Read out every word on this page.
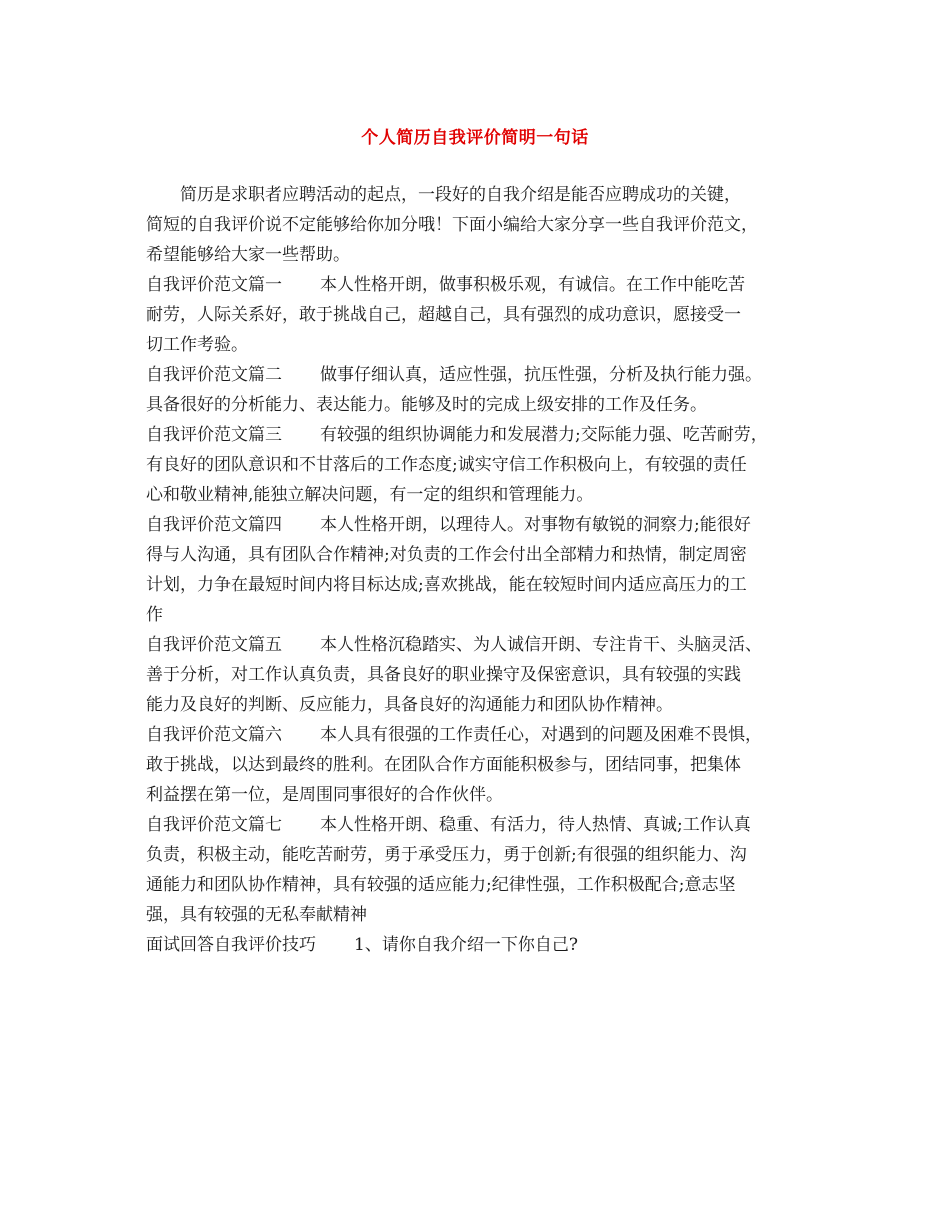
个人简历自我评价简明一句话
简历是求职者应聘活动的起点，一段好的自我介绍是能否应聘成功的关键，
简短的自我评价说不定能够给你加分哦！下面小编给大家分享一些自我评价范文，
希望能够给大家一些帮助。
自我评价范文篇一 本人性格开朗，做事积极乐观，有诚信。在工作中能吃苦
耐劳，人际关系好，敢于挑战自己，超越自己，具有强烈的成功意识，愿接受一
切工作考验。
自我评价范文篇二 做事仔细认真，适应性强，抗压性强，分析及执行能力强。
具备很好的分析能力、表达能力。能够及时的完成上级安排的工作及任务。
自我评价范文篇三 有较强的组织协调能力和发展潜力;交际能力强、吃苦耐劳，
有良好的团队意识和不甘落后的工作态度;诚实守信工作积极向上，有较强的责任
心和敬业精神,能独立解决问题，有一定的组织和管理能力。
自我评价范文篇四 本人性格开朗，以理待人。对事物有敏锐的洞察力;能很好
得与人沟通，具有团队合作精神;对负责的工作会付出全部精力和热情，制定周密
计划，力争在最短时间内将目标达成;喜欢挑战，能在较短时间内适应高压力的工
作
自我评价范文篇五 本人性格沉稳踏实、为人诚信开朗、专注肯干、头脑灵活、
善于分析，对工作认真负责，具备良好的职业操守及保密意识，具有较强的实践
能力及良好的判断、反应能力，具备良好的沟通能力和团队协作精神。
自我评价范文篇六 本人具有很强的工作责任心，对遇到的问题及困难不畏惧，
敢于挑战，以达到最终的胜利。在团队合作方面能积极参与，团结同事，把集体
利益摆在第一位，是周围同事很好的合作伙伴。
自我评价范文篇七 本人性格开朗、稳重、有活力，待人热情、真诚;工作认真
负责，积极主动，能吃苦耐劳，勇于承受压力，勇于创新;有很强的组织能力、沟
通能力和团队协作精神，具有较强的适应能力;纪律性强，工作积极配合;意志坚
强，具有较强的无私奉献精神
面试回答自我评价技巧 1、请你自我介绍一下你自己?
